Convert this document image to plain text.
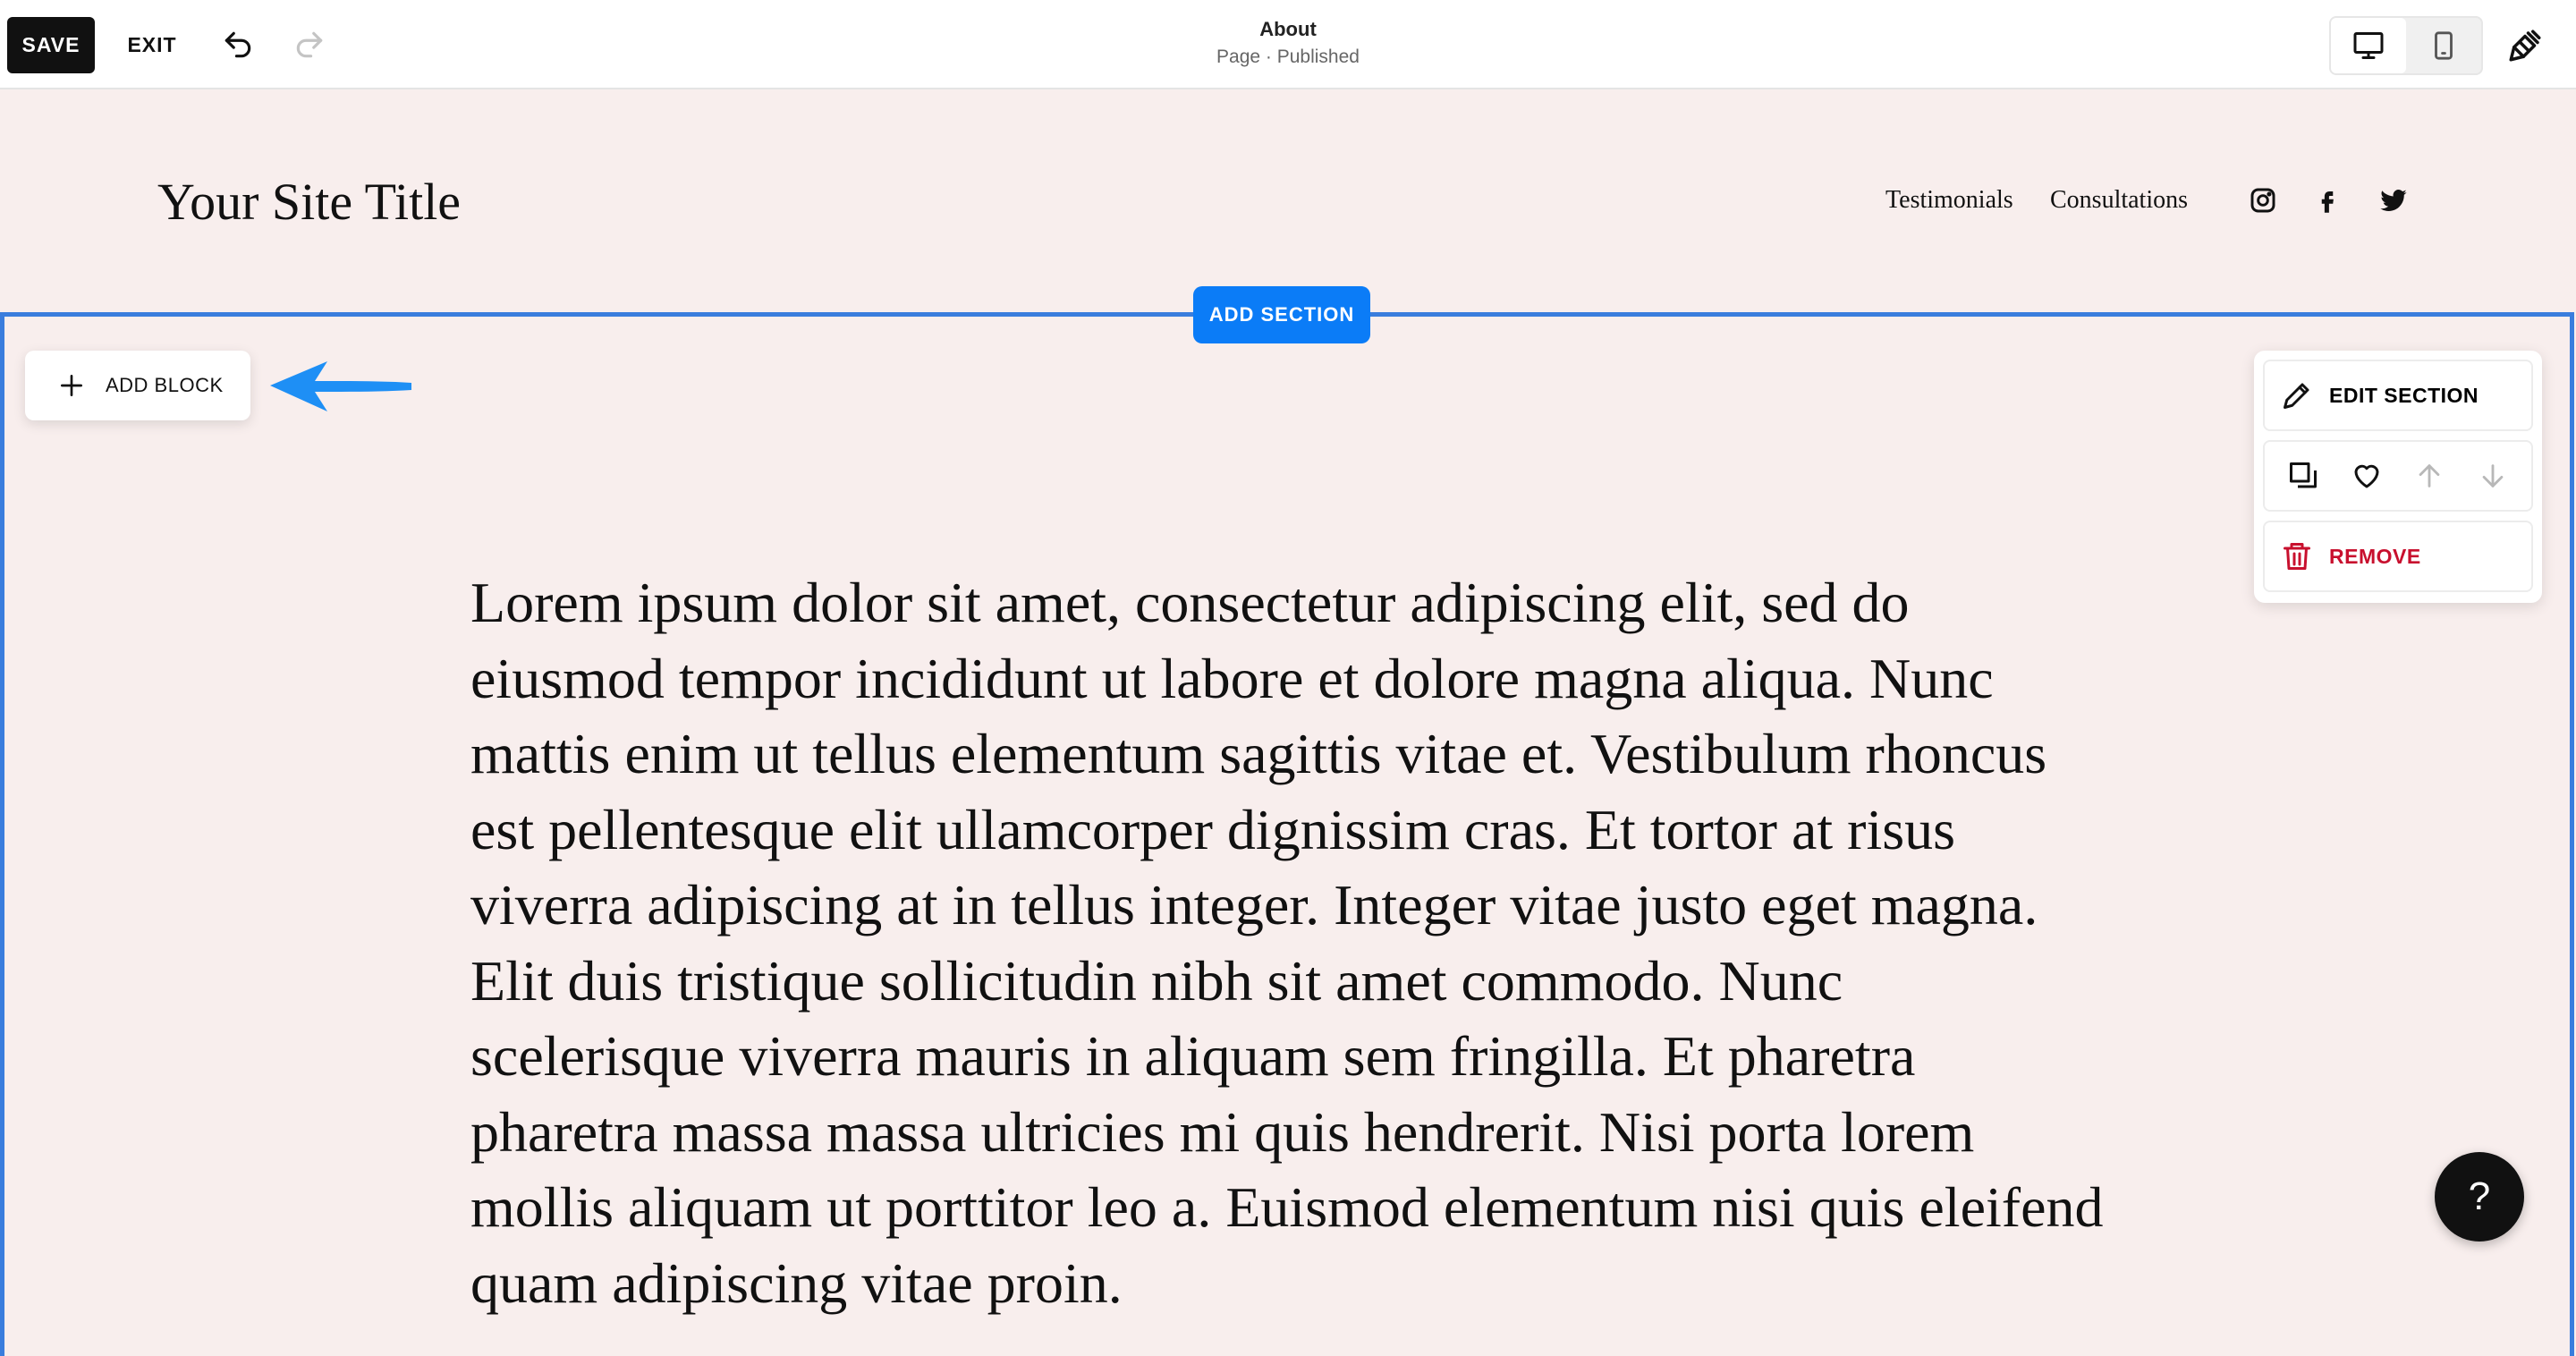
SAVE	EXIT
About
Page · Published
Your Site Title	Testimonials Consultations
ADD SECTION
ADD BLOCK	EDIT SECTION
REMOVE
Lorem ipsum dolor sit amet, consectetur adipiscing elit, sed do eiusmod tempor incididunt ut labore et dolore magna aliqua. Nunc mattis enim ut tellus elementum sagittis vitae et. Vestibulum rhoncus est pellentesque elit ullamcorper dignissim cras. Et tortor at risus viverra adipiscing at in tellus integer. Integer vitae justo eget magna. Elit duis tristique sollicitudin nibh sit amet commodo. Nunc scelerisque viverra mauris in aliquam sem fringilla. Et pharetra pharetra massa massa ultricies mi quis hendrerit. Nisi porta lorem mollis aliquam ut porttitor leo a. Euismod elementum nisi quis eleifend quam adipiscing vitae proin.
?
